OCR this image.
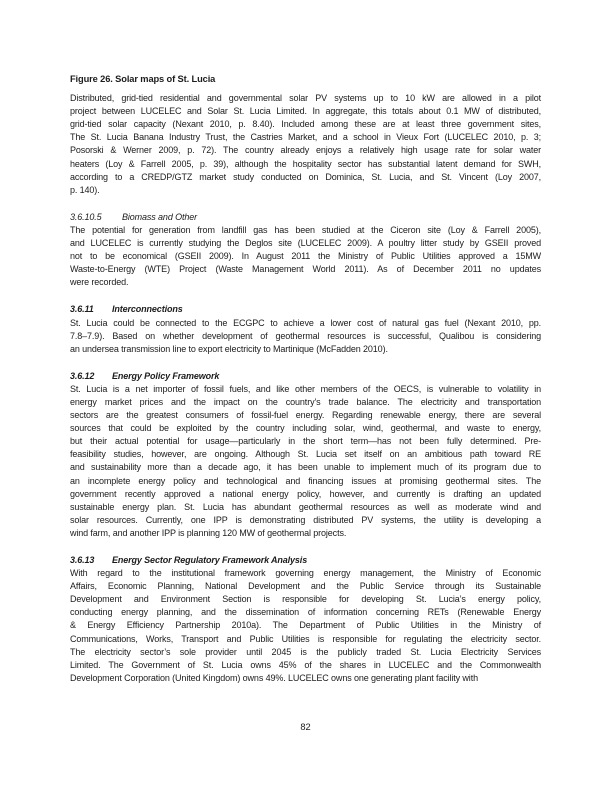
Figure 26. Solar maps of St. Lucia
Distributed, grid-tied residential and governmental solar PV systems up to 10 kW are allowed in a pilot
project between LUCELEC and Solar St. Lucia Limited. In aggregate, this totals about 0.1 MW of distributed,
grid-tied solar capacity (Nexant 2010, p. 8.40). Included among these are at least three government sites,
The St. Lucia Banana Industry Trust, the Castries Market, and a school in Vieux Fort (LUCELEC 2010, p. 3;
Posorski & Werner 2009, p. 72). The country already enjoys a relatively high usage rate for solar water
heaters (Loy & Farrell 2005, p. 39), although the hospitality sector has substantial latent demand for SWH,
according to a CREDP/GTZ market study conducted on Dominica, St. Lucia, and St. Vincent (Loy 2007,
p. 140).
3.6.10.5 Biomass and Other
The potential for generation from landfill gas has been studied at the Ciceron site (Loy & Farrell 2005),
and LUCELEC is currently studying the Deglos site (LUCELEC 2009). A poultry litter study by GSEII proved
not to be economical (GSEII 2009). In August 2011 the Ministry of Public Utilities approved a 15MW
Waste-to-Energy (WTE) Project (Waste Management World 2011). As of December 2011 no updates
were recorded.
3.6.11 Interconnections
St. Lucia could be connected to the ECGPC to achieve a lower cost of natural gas fuel (Nexant 2010, pp.
7.8–7.9). Based on whether development of geothermal resources is successful, Qualibou is considering
an undersea transmission line to export electricity to Martinique (McFadden 2010).
3.6.12 Energy Policy Framework
St. Lucia is a net importer of fossil fuels, and like other members of the OECS, is vulnerable to volatility in
energy market prices and the impact on the country’s trade balance. The electricity and transportation
sectors are the greatest consumers of fossil-fuel energy. Regarding renewable energy, there are several
sources that could be exploited by the country including solar, wind, geothermal, and waste to energy,
but their actual potential for usage—particularly in the short term—has not been fully determined. Pre-
feasibility studies, however, are ongoing. Although St. Lucia set itself on an ambitious path toward RE
and sustainability more than a decade ago, it has been unable to implement much of its program due to
an incomplete energy policy and technological and financing issues at promising geothermal sites. The
government recently approved a national energy policy, however, and currently is drafting an updated
sustainable energy plan. St. Lucia has abundant geothermal resources as well as moderate wind and
solar resources. Currently, one IPP is demonstrating distributed PV systems, the utility is developing a
wind farm, and another IPP is planning 120 MW of geothermal projects.
3.6.13 Energy Sector Regulatory Framework Analysis
With regard to the institutional framework governing energy management, the Ministry of Economic
Affairs, Economic Planning, National Development and the Public Service through its Sustainable
Development and Environment Section is responsible for developing St. Lucia’s energy policy,
conducting energy planning, and the dissemination of information concerning RETs (Renewable Energy
& Energy Efficiency Partnership 2010a). The Department of Public Utilities in the Ministry of
Communications, Works, Transport and Public Utilities is responsible for regulating the electricity sector.
The electricity sector’s sole provider until 2045 is the publicly traded St. Lucia Electricity Services
Limited. The Government of St. Lucia owns 45% of the shares in LUCELEC and the Commonwealth
Development Corporation (United Kingdom) owns 49%. LUCELEC owns one generating plant facility with
82
